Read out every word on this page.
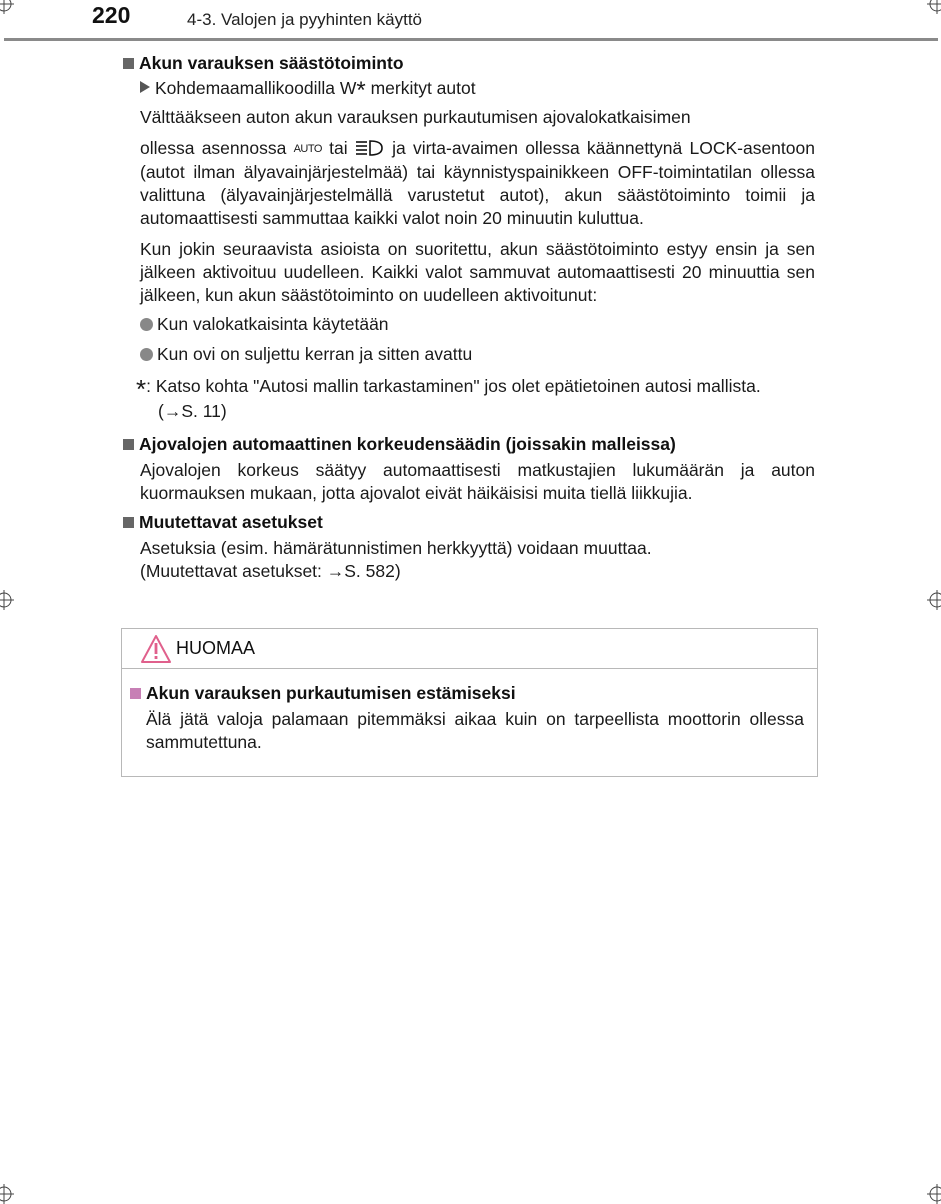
220	4-3. Valojen ja pyyhinten käyttö
Akun varauksen säästötoiminto
Kohdemaamallikoodilla W* merkityt autot
Välttääkseen auton akun varauksen purkautumisen ajovalokatkaisimen
ollessa asennossa AUTO tai  ja virta-avaimen ollessa käännettynä LOCK-asentoon (autot ilman älyavainjärjestelmää) tai käynnistyspainikkeen OFF-toimintatilan ollessa valittuna (älyavainjärjestelmällä varustetut autot), akun säästötoiminto toimii ja automaattisesti sammuttaa kaikki valot noin 20 minuutin kuluttua.
Kun jokin seuraavista asioista on suoritettu, akun säästötoiminto estyy ensin ja sen jälkeen aktivoituu uudelleen. Kaikki valot sammuvat automaattisesti 20 minuuttia sen jälkeen, kun akun säästötoiminto on uudelleen aktivoitunut:
Kun valokatkaisinta käytetään
Kun ovi on suljettu kerran ja sitten avattu
*: Katso kohta "Autosi mallin tarkastaminen" jos olet epätietoinen autosi mallista.
(→S. 11)
Ajovalojen automaattinen korkeudensäädin (joissakin malleissa)
Ajovalojen korkeus säätyy automaattisesti matkustajien lukumäärän ja auton kuormauksen mukaan, jotta ajovalot eivät häikäisisi muita tiellä liikkujia.
Muutettavat asetukset
Asetuksia (esim. hämärätunnistimen herkkyyttä) voidaan muuttaa.
(Muutettavat asetukset: →S. 582)
HUOMAA
Akun varauksen purkautumisen estämiseksi
Älä jätä valoja palamaan pitemmäksi aikaa kuin on tarpeellista moottorin ollessa sammutettuna.
